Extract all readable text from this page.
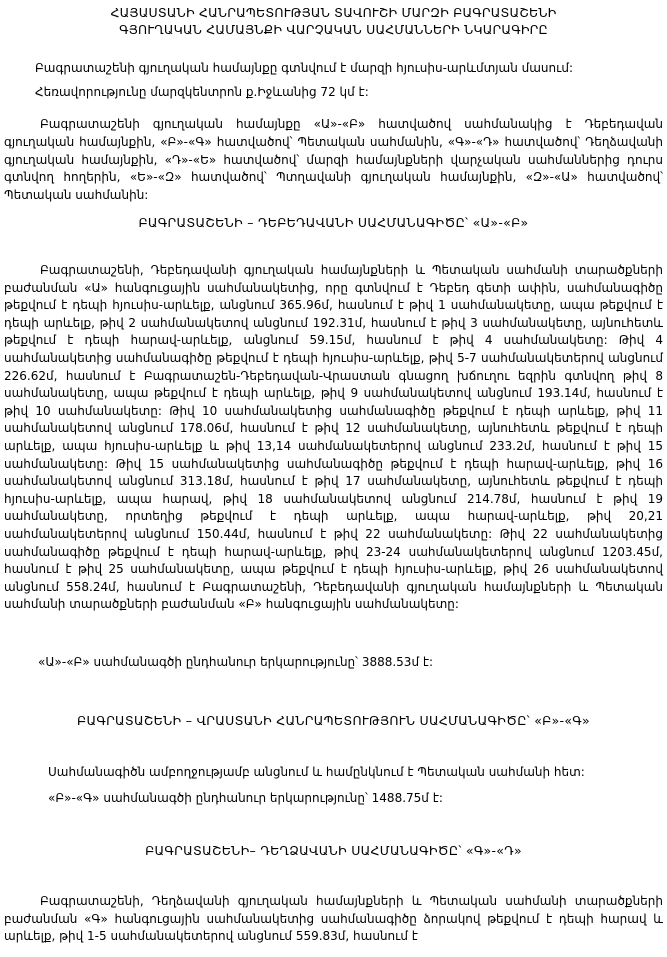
ՀԱՅԱՍՏԱՆԻ ՀԱՆՐԱՊԵՏՈՒԹՅԱՆ ՏԱՎՈՒՇԻ ՄԱՐԶԻ ԲԱԳՐԱՏԱՇԵՆԻ
ԳՅՈՒՂԱԿԱՆ ՀԱՄԱՅՆՔԻ ՎԱՐՉԱԿԱՆ ՍԱՀՄԱՆՆԵՐԻ ՆԿԱՐԱԳԻՐԸ
Բագրատաշենի գյուղական համայնքը գտնվում է մարզի հյուսիս-արևմտյան մասում:
Հեռավորությունը մարզկենտրոն ք.Իջևանից 72 կմ է:
Բագրատաշենի գյուղական համայնքը «Ա»-«Բ» հատվածով սահմանակից է Դեբեդավան գյուղական համայնքին, «Բ»-«Գ» հատվածով՝ Պետական սահմանին, «Գ»-«Դ» հատվածով՝ Դեղձավանի գյուղական համայնքին, «Դ»-«Ե» հատվածով՝ մարզի համայնքների վարչական սահմաններից դուրս գտնվող հողերին, «Ե»-«Զ» հատվածով՝ Պտղավանի գյուղական համայնքին, «Զ»-«Ա» հատվածով՝ Պետական սահմանին:
ԲԱԳՐԱՏԱՇԵՆԻ – ԴԵԲԵԴԱՎԱՆԻ ՍԱՀՄԱՆԱԳԻԾԸ՝ «Ա»-«Բ»
Բագրատաշենի, Դեբեդավանի գյուղական համայնքների և Պետական սահմանի տարածքների բաժանման «Ա» հանգուցային սահմանակետից, որը գտնվում է Դեբեդ գետի ափին, սահմանագիծը թեքվում է դեպի հյուսիս-արևելք, անցնում 365.96մ, հասնում է թիվ 1 սահմանակետը, ապա թեքվում է դեպի արևելք, թիվ 2 սահմանակետով անցնում 192.31մ, հասնում է թիվ 3 սահմանակետը, այնուհետև թեքվում է դեպի հարավ-արևելք, անցնում 59.15մ, հասնում է թիվ 4 սահմանակետը: Թիվ 4 սահմանակետից սահմանագիծը թեքվում է դեպի հյուսիս-արևելք, թիվ 5-7 սահմանակետերով անցնում 226.62մ, հասնում է Բագրատաշեն-Դեբեդավան-Վրաստան գնացող խճուղու եզրին գտնվող թիվ 8 սահմանակետը, ապա թեքվում է դեպի արևելք, թիվ 9 սահմանակետով անցնում 193.14մ, հասնում է թիվ 10 սահմանակետը: Թիվ 10 սահմանակետից սահմանագիծը թեքվում է դեպի արևելք, թիվ 11 սահմանակետով անցնում 178.06մ, հասնում է թիվ 12 սահմանակետը, այնուհետև թեքվում է դեպի արևելք, ապա հյուսիս-արևելք և թիվ 13,14 սահմանակետերով անցնում 233.2մ, հասնում է թիվ 15 սահմանակետը: Թիվ 15 սահմանակետից սահմանագիծը թեքվում է դեպի հարավ-արևելք, թիվ 16 սահմանակետով անցնում 313.18մ, հասնում է թիվ 17 սահմանակետը, այնուհետև թեքվում է դեպի հյուսիս-արևելք, ապա հարավ, թիվ 18 սահմանակետով անցնում 214.78մ, հասնում է թիվ 19 սահմանակետը, որտեղից թեքվում է դեպի արևելք, ապա հարավ-արևելք, թիվ 20,21 սահմանակետերով անցնում 150.44մ, հասնում է թիվ 22 սահմանակետը: Թիվ 22 սահմանակետից սահմանագիծը թեքվում է դեպի հարավ-արևելք, թիվ 23-24 սահմանակետերով անցնում 1203.45մ, հասնում է թիվ 25 սահմանակետը, ապա թեքվում է դեպի հյուսիս-արևելք, թիվ 26 սահմանակետով անցնում 558.24մ, հասնում է Բագրատաշենի, Դեբեդավանի գյուղական համայնքների և Պետական սահմանի տարածքների բաժանման «Բ» հանգուցային սահմանակետը:
«Ա»-«Բ» սահմանագծի ընդհանուր երկարությունը՝ 3888.53մ է:
ԲԱԳՐԱՏԱՇԵՆԻ – ՎՐԱՍՏԱՆԻ ՀԱՆՐԱՊԵՏՈՒԹՅՈՒՆ ՍԱՀՄԱՆԱԳԻԾԸ՝ «Բ»-«Գ»
Սահմանագիծն ամբողջությամբ անցնում և համընկնում է Պետական սահմանի հետ:
«Բ»-«Գ» սահմանագծի ընդհանուր երկարությունը՝ 1488.75մ է:
ԲԱԳՐԱՏԱՇԵՆԻ– ԴԵՂՁԱՎԱՆԻ ՍԱՀՄԱՆԱԳԻԾԸ՝ «Գ»-«Դ»
Բագրատաշենի, Դեղձավանի գյուղական համայնքների և Պետական սահմանի տարածքների բաժանման «Գ» հանգուցային սահմանակետից սահմանագիծը ձորակով թեքվում է դեպի հարավ և արևելք, թիվ 1-5 սահմանակետերով անցնում 559.83մ, հասնում է
